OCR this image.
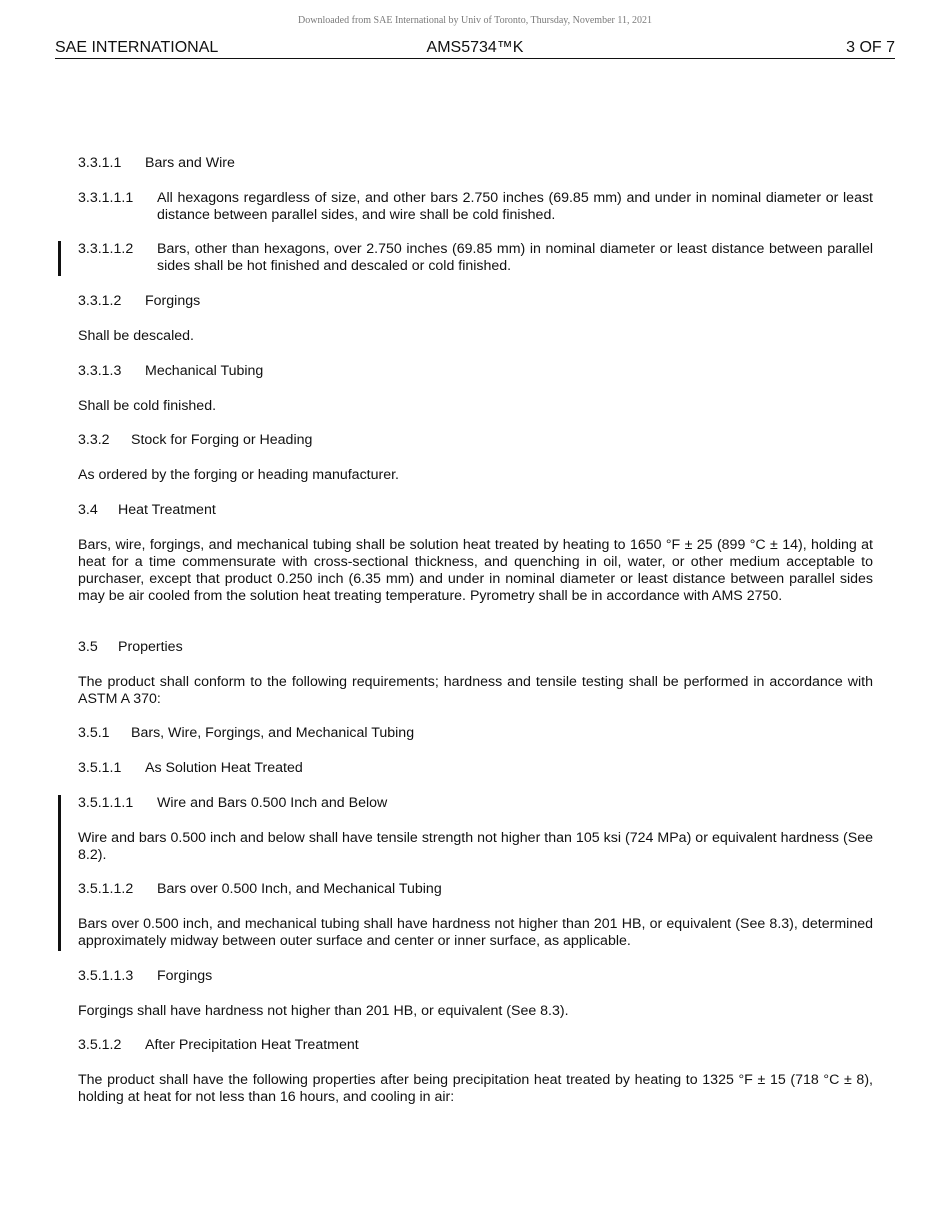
Downloaded from SAE International by Univ of Toronto, Thursday, November 11, 2021
SAE INTERNATIONAL	AMS5734™K	3 OF 7
3.3.1.1 Bars and Wire
3.3.1.1.1 All hexagons regardless of size, and other bars 2.750 inches (69.85 mm) and under in nominal diameter or least distance between parallel sides, and wire shall be cold finished.
3.3.1.1.2 Bars, other than hexagons, over 2.750 inches (69.85 mm) in nominal diameter or least distance between parallel sides shall be hot finished and descaled or cold finished.
3.3.1.2 Forgings
Shall be descaled.
3.3.1.3 Mechanical Tubing
Shall be cold finished.
3.3.2 Stock for Forging or Heading
As ordered by the forging or heading manufacturer.
3.4 Heat Treatment
Bars, wire, forgings, and mechanical tubing shall be solution heat treated by heating to 1650 °F ± 25 (899 °C ± 14), holding at heat for a time commensurate with cross-sectional thickness, and quenching in oil, water, or other medium acceptable to purchaser, except that product 0.250 inch (6.35 mm) and under in nominal diameter or least distance between parallel sides may be air cooled from the solution heat treating temperature. Pyrometry shall be in accordance with AMS 2750.
3.5 Properties
The product shall conform to the following requirements; hardness and tensile testing shall be performed in accordance with ASTM A 370:
3.5.1 Bars, Wire, Forgings, and Mechanical Tubing
3.5.1.1 As Solution Heat Treated
3.5.1.1.1 Wire and Bars 0.500 Inch and Below
Wire and bars 0.500 inch and below shall have tensile strength not higher than 105 ksi (724 MPa) or equivalent hardness (See 8.2).
3.5.1.1.2 Bars over 0.500 Inch, and Mechanical Tubing
Bars over 0.500 inch, and mechanical tubing shall have hardness not higher than 201 HB, or equivalent (See 8.3), determined approximately midway between outer surface and center or inner surface, as applicable.
3.5.1.1.3 Forgings
Forgings shall have hardness not higher than 201 HB, or equivalent (See 8.3).
3.5.1.2 After Precipitation Heat Treatment
The product shall have the following properties after being precipitation heat treated by heating to 1325 °F ± 15 (718 °C ± 8), holding at heat for not less than 16 hours, and cooling in air:
